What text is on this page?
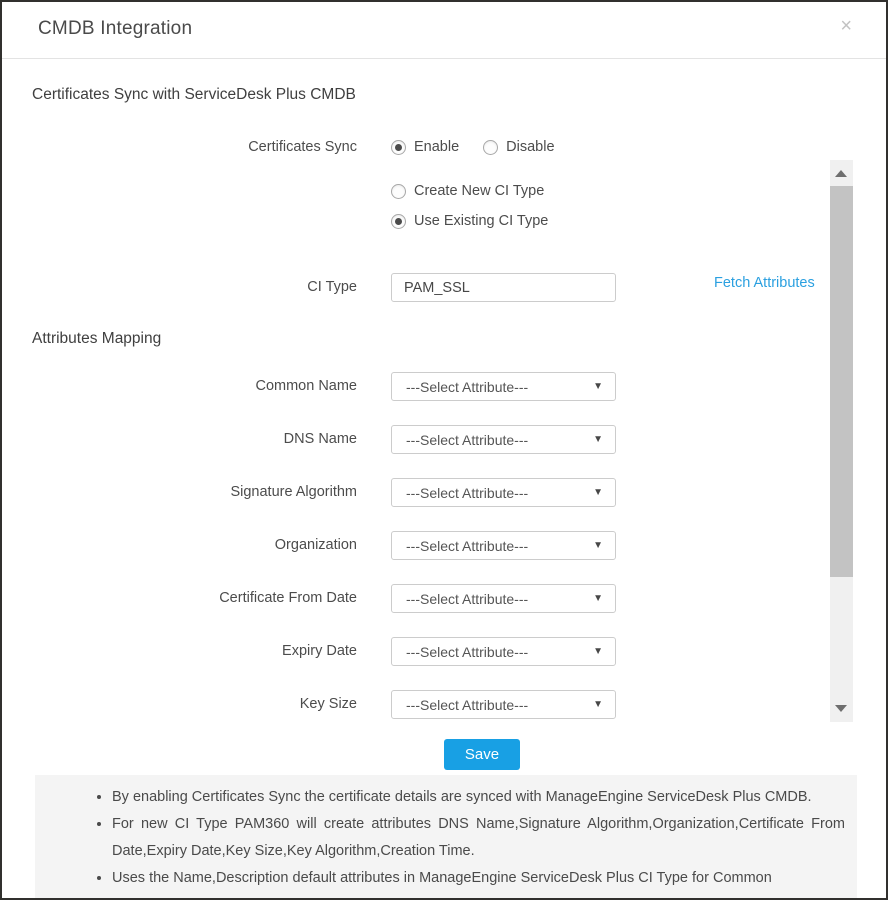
CMDB Integration	×
Certificates Sync with ServiceDesk Plus CMDB
Certificates Sync	Enable	Disable
Create New CI Type
Use Existing CI Type
CI Type
PAM_SSL	Fetch Attributes
Attributes Mapping
Common Name	---Select Attribute---	▼
DNS Name	---Select Attribute---	▼
Signature Algorithm	---Select Attribute---	▼
Organization	---Select Attribute---	▼
Certificate From Date	---Select Attribute---	▼
Expiry Date	---Select Attribute---	▼
Key Size	---Select Attribute---	▼
Save
• By enabling Certificates Sync the certificate details are synced with ManageEngine ServiceDesk Plus CMDB.
• For new CI Type PAM360 will create attributes DNS Name,Signature Algorithm,Organization,Certificate From Date,Expiry Date,Key Size,Key Algorithm,Creation Time.
• Uses the Name,Description default attributes in ManageEngine ServiceDesk Plus CI Type for Common
